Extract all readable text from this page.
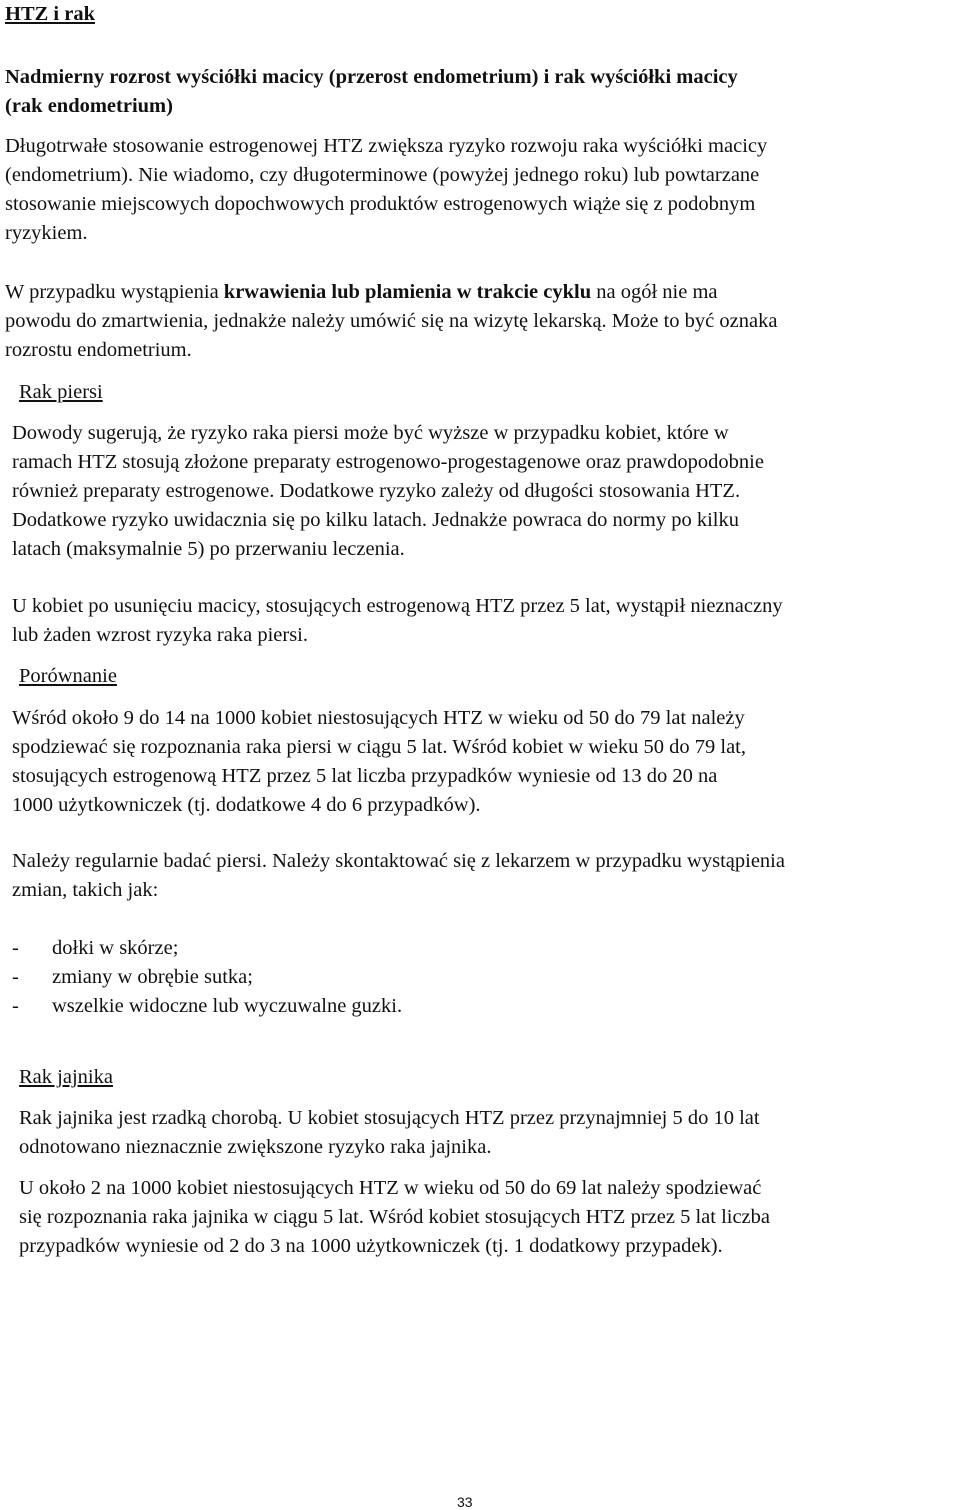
HTZ i rak
Nadmierny rozrost wyściółki macicy (przerost endometrium) i rak wyściółki macicy
(rak endometrium)
Długotrwałe stosowanie estrogenowej HTZ zwiększa ryzyko rozwoju raka wyściółki macicy
(endometrium). Nie wiadomo, czy długoterminowe (powyżej jednego roku) lub powtarzane
stosowanie miejscowych dopochwowych produktów estrogenowych wiąże się z podobnym
ryzykiem.
W przypadku wystąpienia krwawienia lub plamienia w trakcie cyklu na ogół nie ma
powodu do zmartwienia, jednakże należy umówić się na wizytę lekarską. Może to być oznaka
rozrostu endometrium.
Rak piersi
Dowody sugerują, że ryzyko raka piersi może być wyższe w przypadku kobiet, które w
ramach HTZ stosują złożone preparaty estrogenowo-progestagenowe oraz prawdopodobnie
również preparaty estrogenowe. Dodatkowe ryzyko zależy od długości stosowania HTZ.
Dodatkowe ryzyko uwidacznia się po kilku latach. Jednakże powraca do normy po kilku
latach (maksymalnie 5) po przerwaniu leczenia.
U kobiet po usunięciu macicy, stosujących estrogenową HTZ przez 5 lat, wystąpił nieznaczny
lub żaden wzrost ryzyka raka piersi.
Porównanie
Wśród około 9 do 14 na 1000 kobiet niestosujących HTZ w wieku od 50 do 79 lat należy
spodziewać się rozpoznania raka piersi w ciągu 5 lat. Wśród kobiet w wieku 50 do 79 lat,
stosujących estrogenową HTZ przez 5 lat liczba przypadków wyniesie od 13 do 20 na
1000 użytkowniczek (tj. dodatkowe 4 do 6 przypadków).
Należy regularnie badać piersi. Należy skontaktować się z lekarzem w przypadku wystąpienia
zmian, takich jak:
- dołki w skórze;
- zmiany w obrębie sutka;
- wszelkie widoczne lub wyczuwalne guzki.
Rak jajnika
Rak jajnika jest rzadką chorobą. U kobiet stosujących HTZ przez przynajmniej 5 do 10 lat
odnotowano nieznacznie zwiększone ryzyko raka jajnika.
U około 2 na 1000 kobiet niestosujących HTZ w wieku od 50 do 69 lat należy spodziewać
się rozpoznania raka jajnika w ciągu 5 lat. Wśród kobiet stosujących HTZ przez 5 lat liczba
przypadków wyniesie od 2 do 3 na 1000 użytkowniczek (tj. 1 dodatkowy przypadek).
33
